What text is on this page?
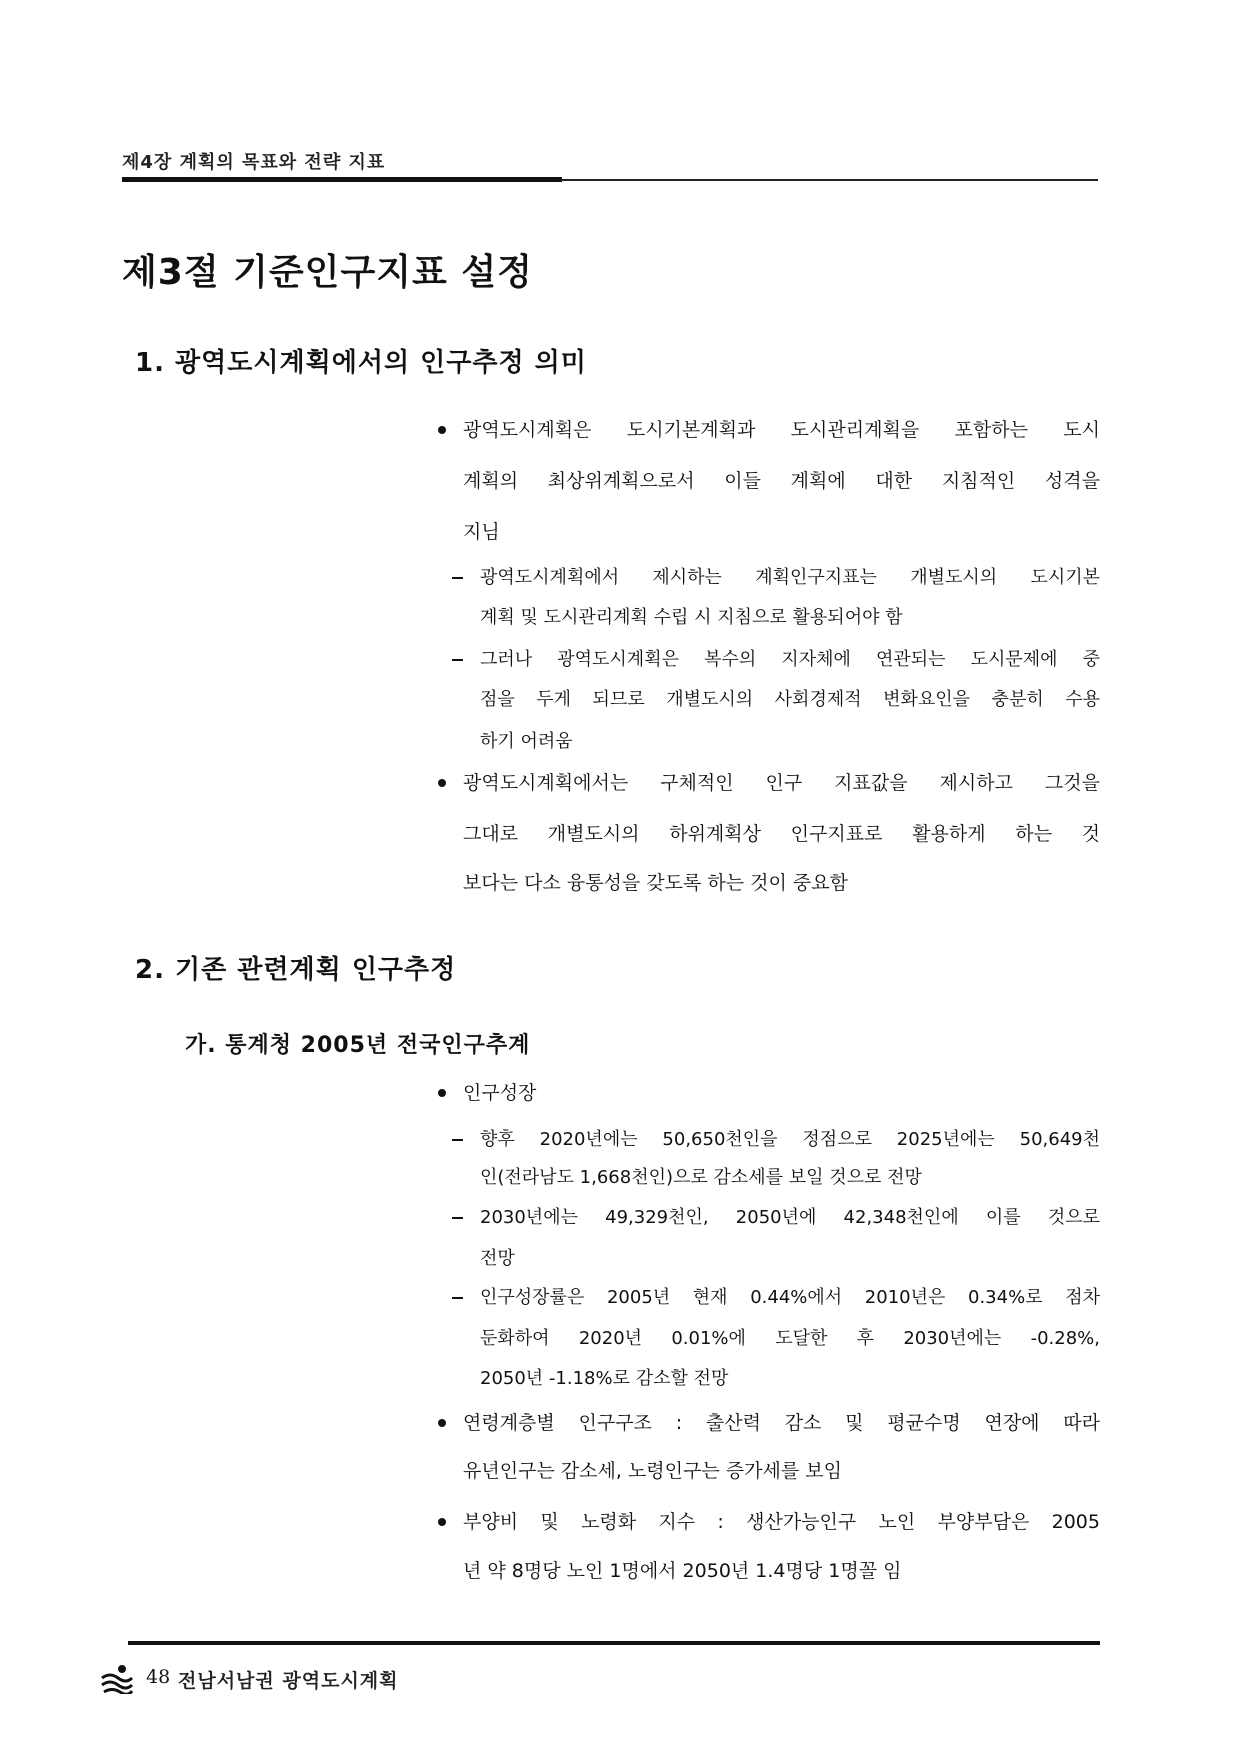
제4장 계획의 목표와 전략 지표
제3절 기준인구지표 설정
1. 광역도시계획에서의 인구추정 의미
광역도시계획은 도시기본계획과 도시관리계획을 포함하는 도시
계획의 최상위계획으로서 이들 계획에 대한 지침적인 성격을
지님
광역도시계획에서 제시하는 계획인구지표는 개별도시의 도시기본
계획 및 도시관리계획 수립 시 지침으로 활용되어야 함
그러나 광역도시계획은 복수의 지자체에 연관되는 도시문제에 중
점을 두게 되므로 개별도시의 사회경제적 변화요인을 충분히 수용
하기 어려움
광역도시계획에서는 구체적인 인구 지표값을 제시하고 그것을
그대로 개별도시의 하위계획상 인구지표로 활용하게 하는 것
보다는 다소 융통성을 갖도록 하는 것이 중요함
2. 기존 관련계획 인구추정
가. 통계청 2005년 전국인구추계
인구성장
향후 2020년에는 50,650천인을 정점으로 2025년에는 50,649천
인(전라남도 1,668천인)으로 감소세를 보일 것으로 전망
2030년에는 49,329천인, 2050년에 42,348천인에 이를 것으로
전망
인구성장률은 2005년 현재 0.44%에서 2010년은 0.34%로 점차
둔화하여 2020년 0.01%에 도달한 후 2030년에는 -0.28%,
2050년 -1.18%로 감소할 전망
연령계층별 인구구조 : 출산력 감소 및 평균수명 연장에 따라
유년인구는 감소세, 노령인구는 증가세를 보임
부양비 및 노령화 지수 : 생산가능인구 노인 부양부담은 2005
년 약 8명당 노인 1명에서 2050년 1.4명당 1명꼴 임
48 전남서남권 광역도시계획
